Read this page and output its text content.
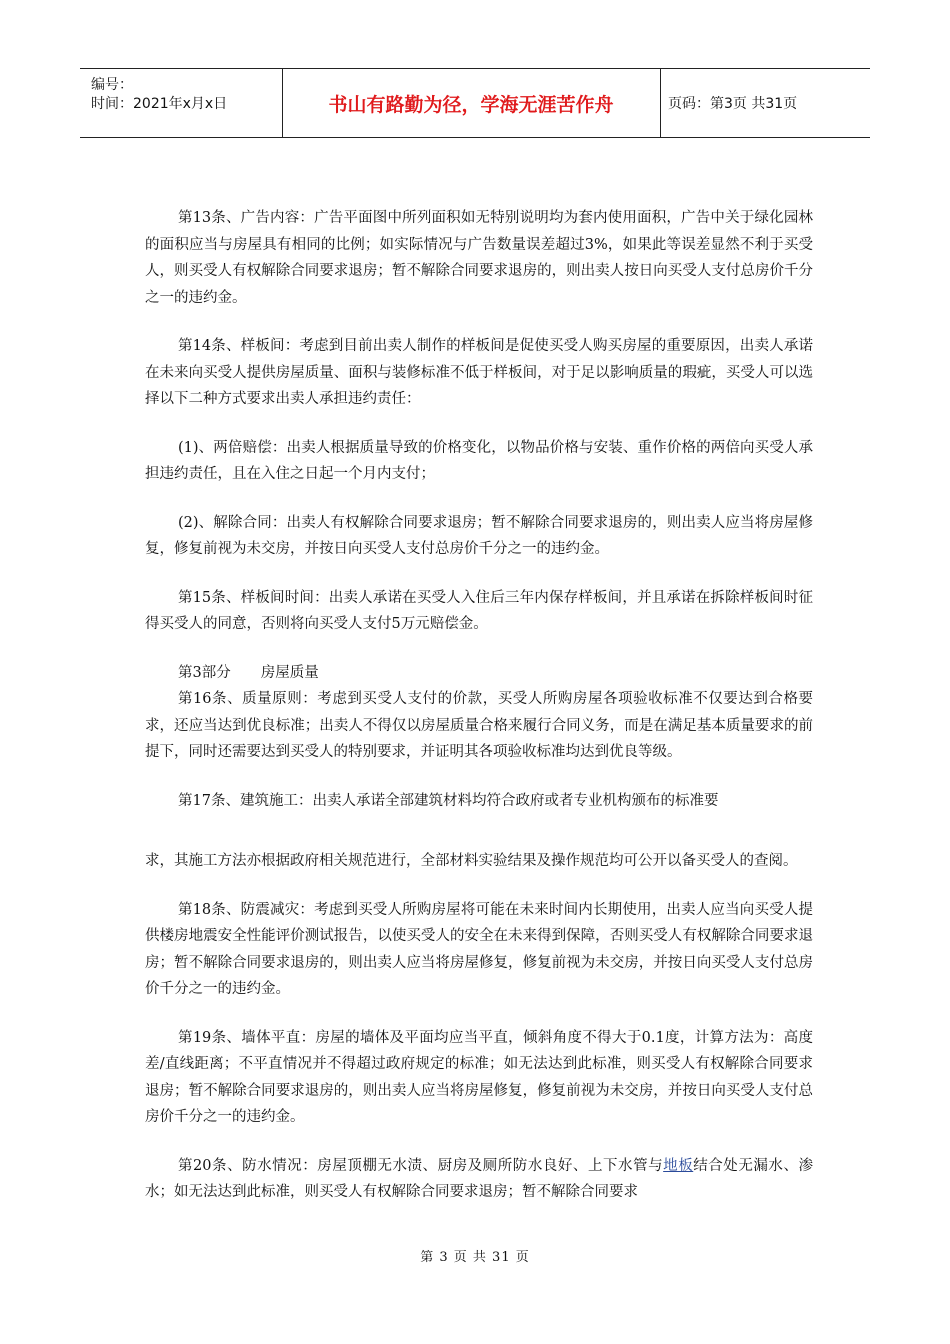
编号：
时间：2021年x月x日	书山有路勤为径，学海无涯苦作舟	页码：第3页 共31页

第13条、广告内容：广告平面图中所列面积如无特别说明均为套内使用面积，广告中关于绿化园林的面积应当与房屋具有相同的比例；如实际情况与广告数量误差超过3%，如果此等误差显然不利于买受人，则买受人有权解除合同要求退房；暂不解除合同要求退房的，则出卖人按日向买受人支付总房价千分之一的违约金。

第14条、样板间：考虑到目前出卖人制作的样板间是促使买受人购买房屋的重要原因，出卖人承诺在未来向买受人提供房屋质量、面积与装修标准不低于样板间，对于足以影响质量的瑕疵，买受人可以选择以下二种方式要求出卖人承担违约责任：

(1)、两倍赔偿：出卖人根据质量导致的价格变化，以物品价格与安装、重作价格的两倍向买受人承担违约责任，且在入住之日起一个月内支付；

(2)、解除合同：出卖人有权解除合同要求退房；暂不解除合同要求退房的，则出卖人应当将房屋修复，修复前视为未交房，并按日向买受人支付总房价千分之一的违约金。

第15条、样板间时间：出卖人承诺在买受人入住后三年内保存样板间，并且承诺在拆除样板间时征得买受人的同意，否则将向买受人支付5万元赔偿金。

第3部分 房屋质量

第16条、质量原则：考虑到买受人支付的价款，买受人所购房屋各项验收标准不仅要达到合格要求，还应当达到优良标准；出卖人不得仅以房屋质量合格来履行合同义务，而是在满足基本质量要求的前提下，同时还需要达到买受人的特别要求，并证明其各项验收标准均达到优良等级。

第17条、建筑施工：出卖人承诺全部建筑材料均符合政府或者专业机构颁布的标准要

求，其施工方法亦根据政府相关规范进行，全部材料实验结果及操作规范均可公开以备买受人的查阅。

第18条、防震减灾：考虑到买受人所购房屋将可能在未来时间内长期使用，出卖人应当向买受人提供楼房地震安全性能评价测试报告，以使买受人的安全在未来得到保障，否则买受人有权解除合同要求退房；暂不解除合同要求退房的，则出卖人应当将房屋修复，修复前视为未交房，并按日向买受人支付总房价千分之一的违约金。

第19条、墙体平直：房屋的墙体及平面均应当平直，倾斜角度不得大于0.1度，计算方法为：高度差/直线距离；不平直情况并不得超过政府规定的标准；如无法达到此标准，则买受人有权解除合同要求退房；暂不解除合同要求退房的，则出卖人应当将房屋修复，修复前视为未交房，并按日向买受人支付总房价千分之一的违约金。

第20条、防水情况：房屋顶棚无水渍、厨房及厕所防水良好、上下水管与地板结合处无漏水、渗水；如无法达到此标准，则买受人有权解除合同要求退房；暂不解除合同要求

第 3 页 共 31 页
